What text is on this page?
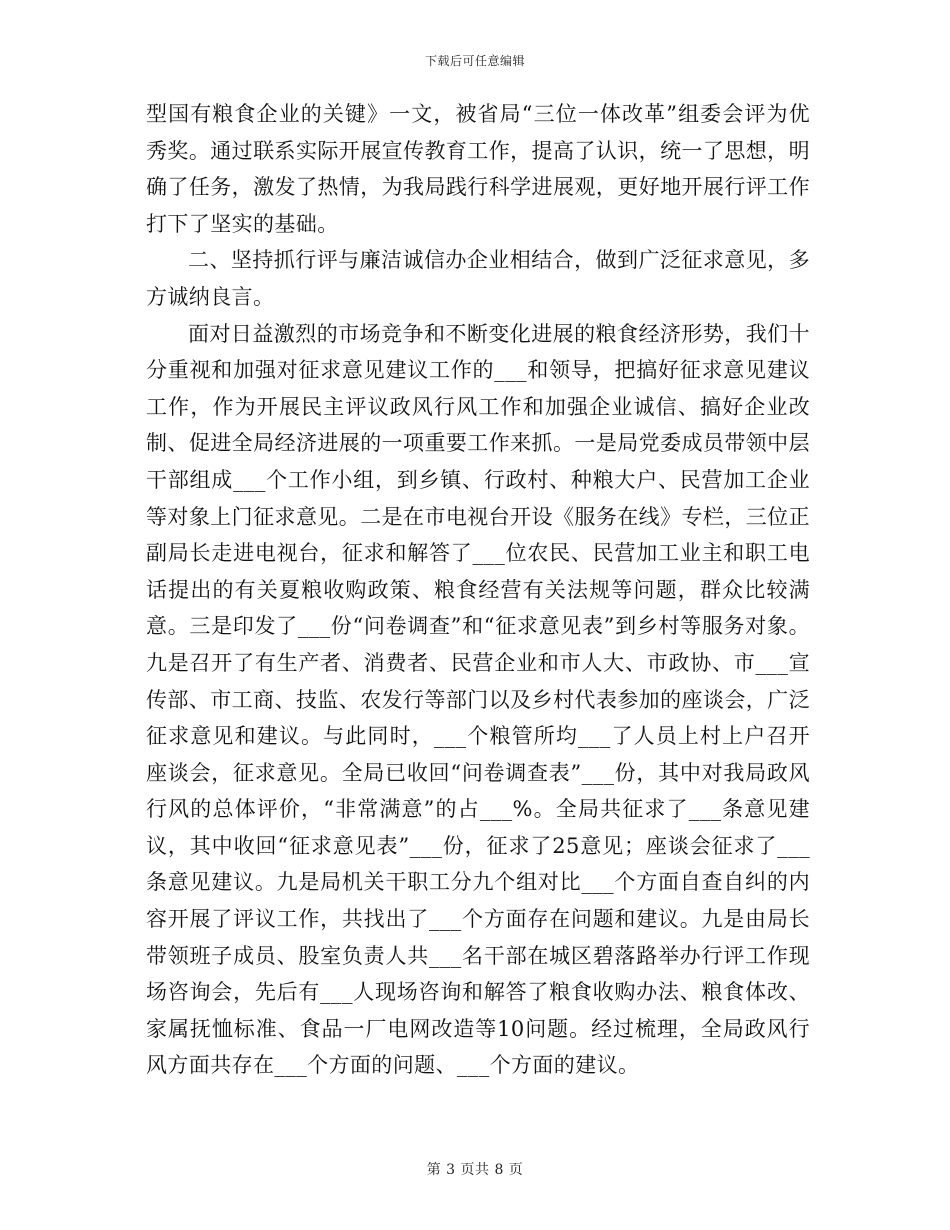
下载后可任意编辑

型国有粮食企业的关键》一文，被省局“三位一体改革”组委会评为优秀奖。通过联系实际开展宣传教育工作，提高了认识，统一了思想，明确了任务，激发了热情，为我局践行科学进展观，更好地开展行评工作打下了坚实的基础。

二、坚持抓行评与廉洁诚信办企业相结合，做到广泛征求意见，多方诚纳良言。

面对日益激烈的市场竞争和不断变化进展的粮食经济形势，我们十分重视和加强对征求意见建议工作的___和领导，把搞好征求意见建议工作，作为开展民主评议政风行风工作和加强企业诚信、搞好企业改制、促进全局经济进展的一项重要工作来抓。一是局党委成员带领中层干部组成___个工作小组，到乡镇、行政村、种粮大户、民营加工企业等对象上门征求意见。二是在市电视台开设《服务在线》专栏，三位正副局长走进电视台，征求和解答了___位农民、民营加工业主和职工电话提出的有关夏粮收购政策、粮食经营有关法规等问题，群众比较满意。三是印发了___份“问卷调查”和“征求意见表”到乡村等服务对象。九是召开了有生产者、消费者、民营企业和市人大、市政协、市___宣传部、市工商、技监、农发行等部门以及乡村代表参加的座谈会，广泛征求意见和建议。与此同时，___个粮管所均___了人员上村上户召开座谈会，征求意见。全局已收回“问卷调查表”___份，其中对我局政风行风的总体评价，“非常满意”的占___%。全局共征求了___条意见建议，其中收回“征求意见表”___份，征求了25意见；座谈会征求了___条意见建议。九是局机关干职工分九个组对比___个方面自查自纠的内容开展了评议工作，共找出了___个方面存在问题和建议。九是由局长带领班子成员、股室负责人共___名干部在城区碧落路举办行评工作现场咨询会，先后有___人现场咨询和解答了粮食收购办法、粮食体改、家属抚恤标准、食品一厂电网改造等10问题。经过梳理，全局政风行风方面共存在___个方面的问题、___个方面的建议。

第 3 页共 8 页
